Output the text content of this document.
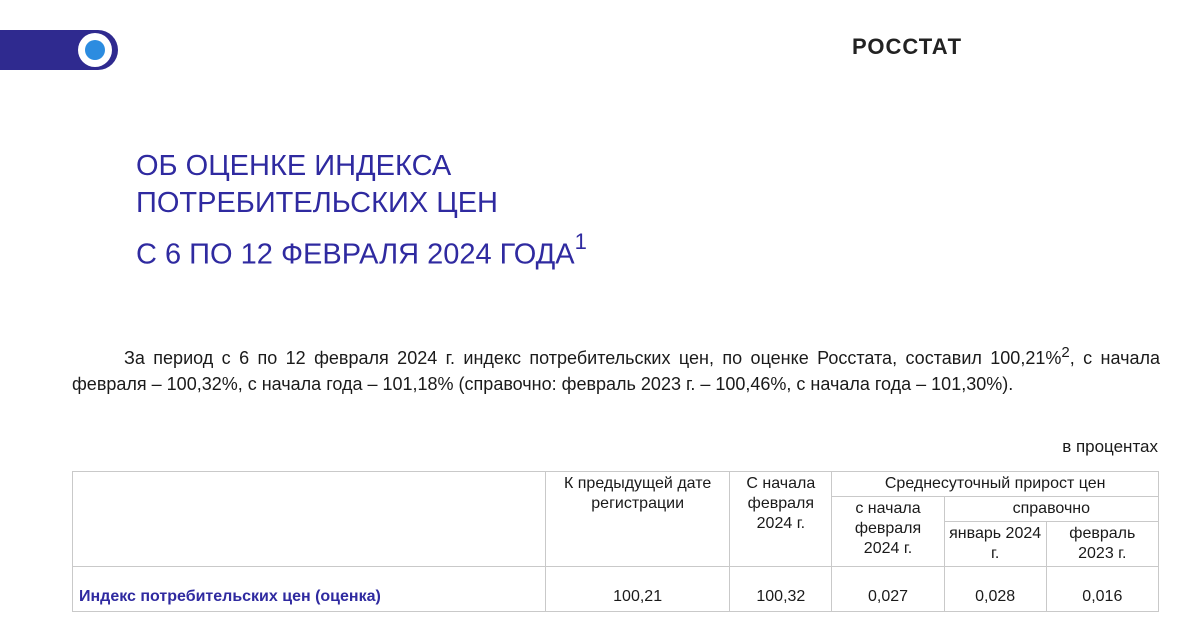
РОССТАТ
ОБ ОЦЕНКЕ ИНДЕКСА
ПОТРЕБИТЕЛЬСКИХ ЦЕН
С 6 ПО 12 ФЕВРАЛЯ 2024 ГОДА$^1$
За период с 6 по 12 февраля 2024 г. индекс потребительских цен, по оценке Росстата, составил 100,21%$^2$, с начала февраля – 100,32%, с начала года – 101,18% (справочно: февраль 2023 г. – 100,46%, с начала года – 101,30%).
в процентах
	К предыдущей дате регистрации	С начала февраля 2024 г.	Среднесуточный прирост цен		
			с начала февраля 2024 г.	справочно	
				январь 2024 г.	февраль 2023 г.
Индекс потребительских цен (оценка)	100,21	100,32	0,027	0,028	0,016
